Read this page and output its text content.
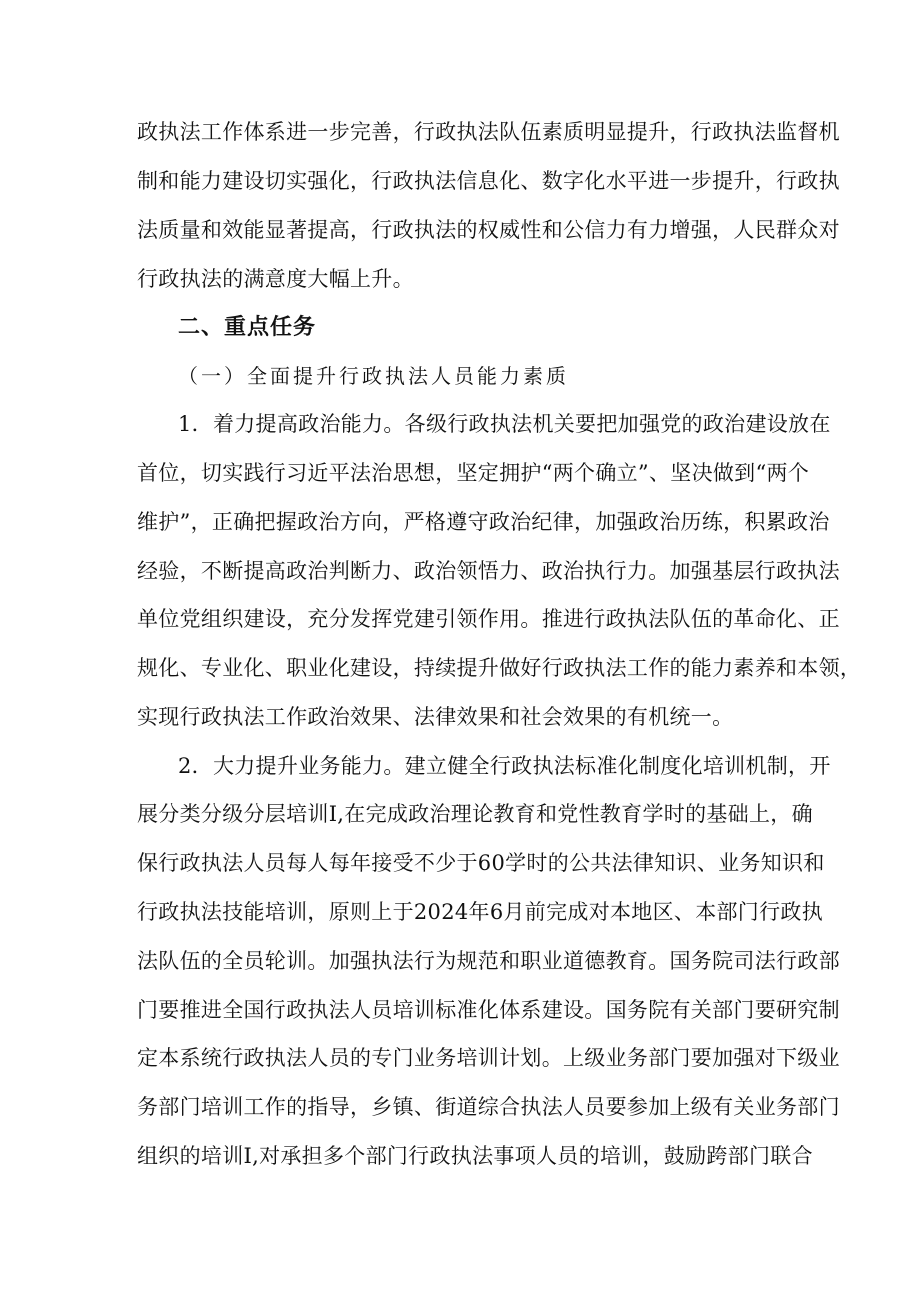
政执法工作体系进一步完善，行政执法队伍素质明显提升，行政执法监督机
制和能力建设切实强化，行政执法信息化、数字化水平进一步提升，行政执
法质量和效能显著提高，行政执法的权威性和公信力有力增强，人民群众对
行政执法的满意度大幅上升。
二、重点任务
（一）全面提升行政执法人员能力素质
1．着力提高政治能力。各级行政执法机关要把加强党的政治建设放在
首位，切实践行习近平法治思想，坚定拥护“两个确立”、坚决做到“两个
维护”，正确把握政治方向，严格遵守政治纪律，加强政治历练，积累政治
经验，不断提高政治判断力、政治领悟力、政治执行力。加强基层行政执法
单位党组织建设，充分发挥党建引领作用。推进行政执法队伍的革命化、正
规化、专业化、职业化建设，持续提升做好行政执法工作的能力素养和本领，
实现行政执法工作政治效果、法律效果和社会效果的有机统一。
2．大力提升业务能力。建立健全行政执法标准化制度化培训机制，开
展分类分级分层培训I,在完成政治理论教育和党性教育学时的基础上，确
保行政执法人员每人每年接受不少于60学时的公共法律知识、业务知识和
行政执法技能培训，原则上于2024年6月前完成对本地区、本部门行政执
法队伍的全员轮训。加强执法行为规范和职业道德教育。国务院司法行政部
门要推进全国行政执法人员培训标准化体系建设。国务院有关部门要研究制
定本系统行政执法人员的专门业务培训计划。上级业务部门要加强对下级业
务部门培训工作的指导，乡镇、街道综合执法人员要参加上级有关业务部门
组织的培训I,对承担多个部门行政执法事项人员的培训，鼓励跨部门联合
